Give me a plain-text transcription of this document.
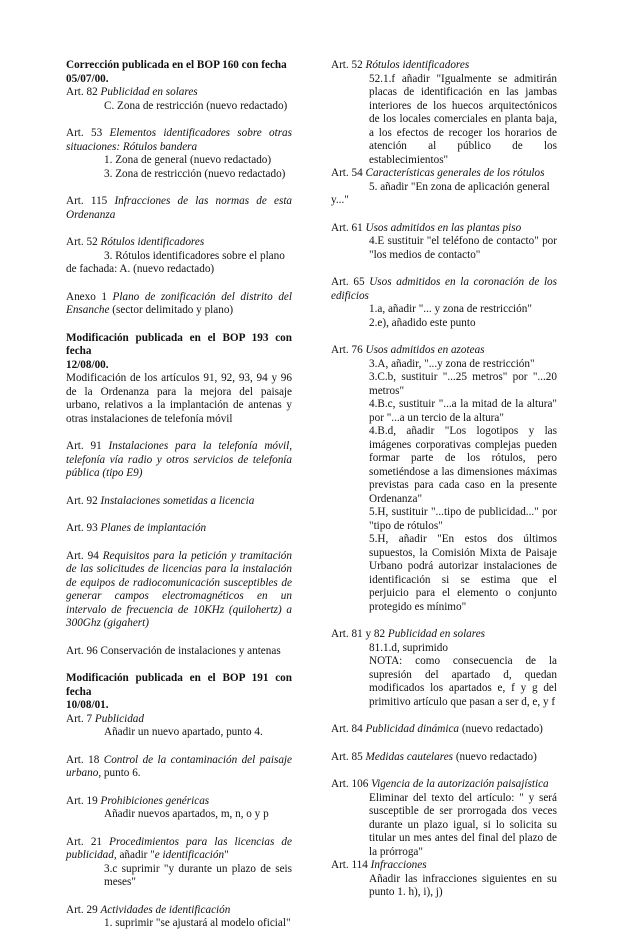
Corrección publicada en el BOP 160 con fecha
05/07/00.

Art. 82 Publicidad en solares

C. Zona de restricción (nuevo redactado)

Art. 53 Elementos identificadores sobre otras situaciones: Rótulos bandera

1. Zona de general (nuevo redactado)

3. Zona de restricción (nuevo redactado)

Art. 115 Infracciones de las normas de esta Ordenanza

Art. 52 Rótulos identificadores

3. Rótulos identificadores sobre el plano

de fachada: A. (nuevo redactado)

Anexo 1 Plano de zonificación del distrito del Ensanche (sector delimitado y plano)

Modificación publicada en el BOP 193 con fecha
12/08/00.

Modificación de los artículos 91, 92, 93, 94 y 96 de la Ordenanza para la mejora del paisaje urbano, relativos a la implantación de antenas y otras instalaciones de telefonía móvil

Art. 91 Instalaciones para la telefonía móvil, telefonía vía radio y otros servicios de telefonía pública (tipo E9)

Art. 92 Instalaciones sometidas a licencia

Art. 93 Planes de implantación

Art. 94 Requisitos para la petición y tramitación de las solicitudes de licencias para la instalación de equipos de radiocomunicación susceptibles de generar campos electromagnéticos en un intervalo de frecuencia de 10KHz (quilohertz) a 300Ghz (gigahert)

Art. 96 Conservación de instalaciones y antenas

Modificación publicada en el BOP 191 con fecha
10/08/01.

Art. 7 Publicidad

Añadir un nuevo apartado, punto 4.

Art. 18 Control de la contaminación del paisaje urbano, punto 6.

Art. 19 Prohibiciones genéricas

Añadir nuevos apartados, m, n, o y p

Art. 21 Procedimientos para las licencias de publicidad, añadir "e identificación"

3.c suprimir "y durante un plazo de seis meses"

Art. 29 Actividades de identificación

1. suprimir "se ajustará al modelo oficial"

Art. 52 Rótulos identificadores

52.1.f añadir "Igualmente se admitirán placas de identificación en las jambas interiores de los huecos arquitectónicos de los locales comerciales en planta baja, a los efectos de recoger los horarios de atención al público de los establecimientos"

Art. 54 Características generales de los rótulos

5. añadir "En zona de aplicación general

y..."

Art. 61 Usos admitidos en las plantas piso

4.E sustituir "el teléfono de contacto" por "los medios de contacto"

Art. 65 Usos admitidos en la coronación de los edificios

1.a, añadir "... y zona de restricción"

2.e), añadido este punto

Art. 76 Usos admitidos en azoteas

3.A, añadir, "...y zona de restricción"

3.C.b, sustituir "...25 metros" por "...20 metros"

4.B.c, sustituir "...a la mitad de la altura" por "...a un tercio de la altura"

4.B.d, añadir "Los logotipos y las imágenes corporativas complejas pueden formar parte de los rótulos, pero sometiéndose a las dimensiones máximas previstas para cada caso en la presente Ordenanza"

5.H, sustituir "...tipo de publicidad..." por "tipo de rótulos"

5.H, añadir "En estos dos últimos supuestos, la Comisión Mixta de Paisaje Urbano podrá autorizar instalaciones de identificación si se estima que el perjuicio para el elemento o conjunto protegido es mínimo"

Art. 81 y 82 Publicidad en solares

81.1.d, suprimido

NOTA: como consecuencia de la supresión del apartado d, quedan modificados los apartados e, f y g del primitivo artículo que pasan a ser d, e, y f

Art. 84 Publicidad dinámica (nuevo redactado)

Art. 85 Medidas cautelares (nuevo redactado)

Art. 106 Vigencia de la autorización paisajística

Eliminar del texto del artículo: " y será susceptible de ser prorrogada dos veces durante un plazo igual, si lo solicita su titular un mes antes del final del plazo de la prórroga"

Art. 114 Infracciones

Añadir las infracciones siguientes en su punto 1. h), i), j)
